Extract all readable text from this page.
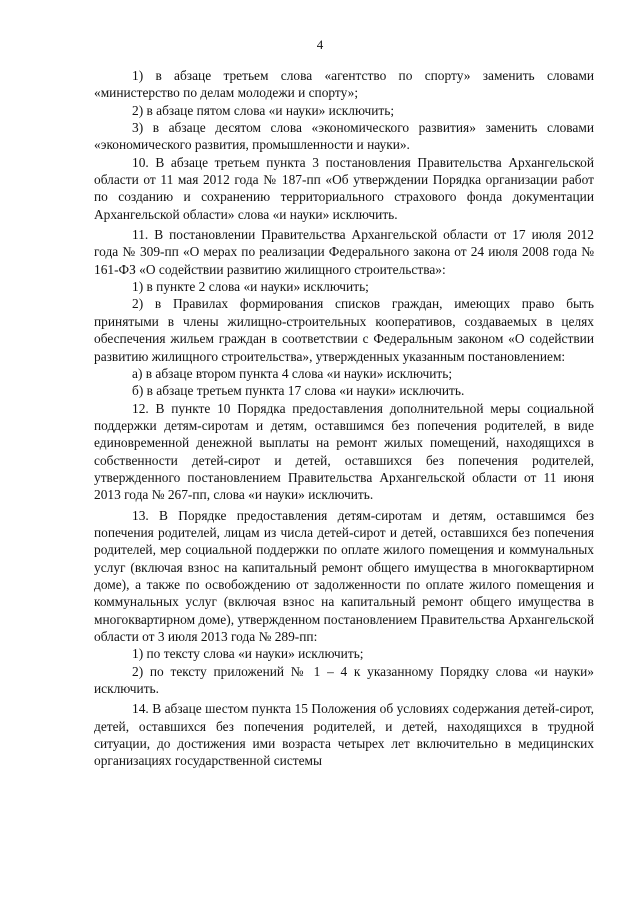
4

1) в абзаце третьем слова «агентство по спорту» заменить словами «министерство по делам молодежи и спорту»;

2) в абзаце пятом слова «и науки» исключить;

3) в абзаце десятом слова «экономического развития» заменить словами «экономического развития, промышленности и науки».

10. В абзаце третьем пункта 3 постановления Правительства Архангельской области от 11 мая 2012 года № 187-пп «Об утверждении Порядка организации работ по созданию и сохранению территориального страхового фонда документации Архангельской области» слова «и науки» исключить.

11. В постановлении Правительства Архангельской области от 17 июля 2012 года № 309-пп «О мерах по реализации Федерального закона от 24 июля 2008 года № 161-ФЗ «О содействии развитию жилищного строительства»:

1) в пункте 2 слова «и науки» исключить;

2) в Правилах формирования списков граждан, имеющих право быть принятыми в члены жилищно-строительных кооперативов, создаваемых в целях обеспечения жильем граждан в соответствии с Федеральным законом «О содействии развитию жилищного строительства», утвержденных указанным постановлением:

а) в абзаце втором пункта 4 слова «и науки» исключить;

б) в абзаце третьем пункта 17 слова «и науки» исключить.

12. В пункте 10 Порядка предоставления дополнительной меры социальной поддержки детям-сиротам и детям, оставшимся без попечения родителей, в виде единовременной денежной выплаты на ремонт жилых помещений, находящихся в собственности детей-сирот и детей, оставшихся без попечения родителей, утвержденного постановлением Правительства Архангельской области от 11 июня 2013 года № 267-пп, слова «и науки» исключить.

13. В Порядке предоставления детям-сиротам и детям, оставшимся без попечения родителей, лицам из числа детей-сирот и детей, оставшихся без попечения родителей, мер социальной поддержки по оплате жилого помещения и коммунальных услуг (включая взнос на капитальный ремонт общего имущества в многоквартирном доме), а также по освобождению от задолженности по оплате жилого помещения и коммунальных услуг (включая взнос на капитальный ремонт общего имущества в многоквартирном доме), утвержденном постановлением Правительства Архангельской области от 3 июля 2013 года № 289-пп:

1) по тексту слова «и науки» исключить;

2) по тексту приложений № 1 – 4 к указанному Порядку слова «и науки» исключить.

14. В абзаце шестом пункта 15 Положения об условиях содержания детей-сирот, детей, оставшихся без попечения родителей, и детей, находящихся в трудной ситуации, до достижения ими возраста четырех лет включительно в медицинских организациях государственной системы
